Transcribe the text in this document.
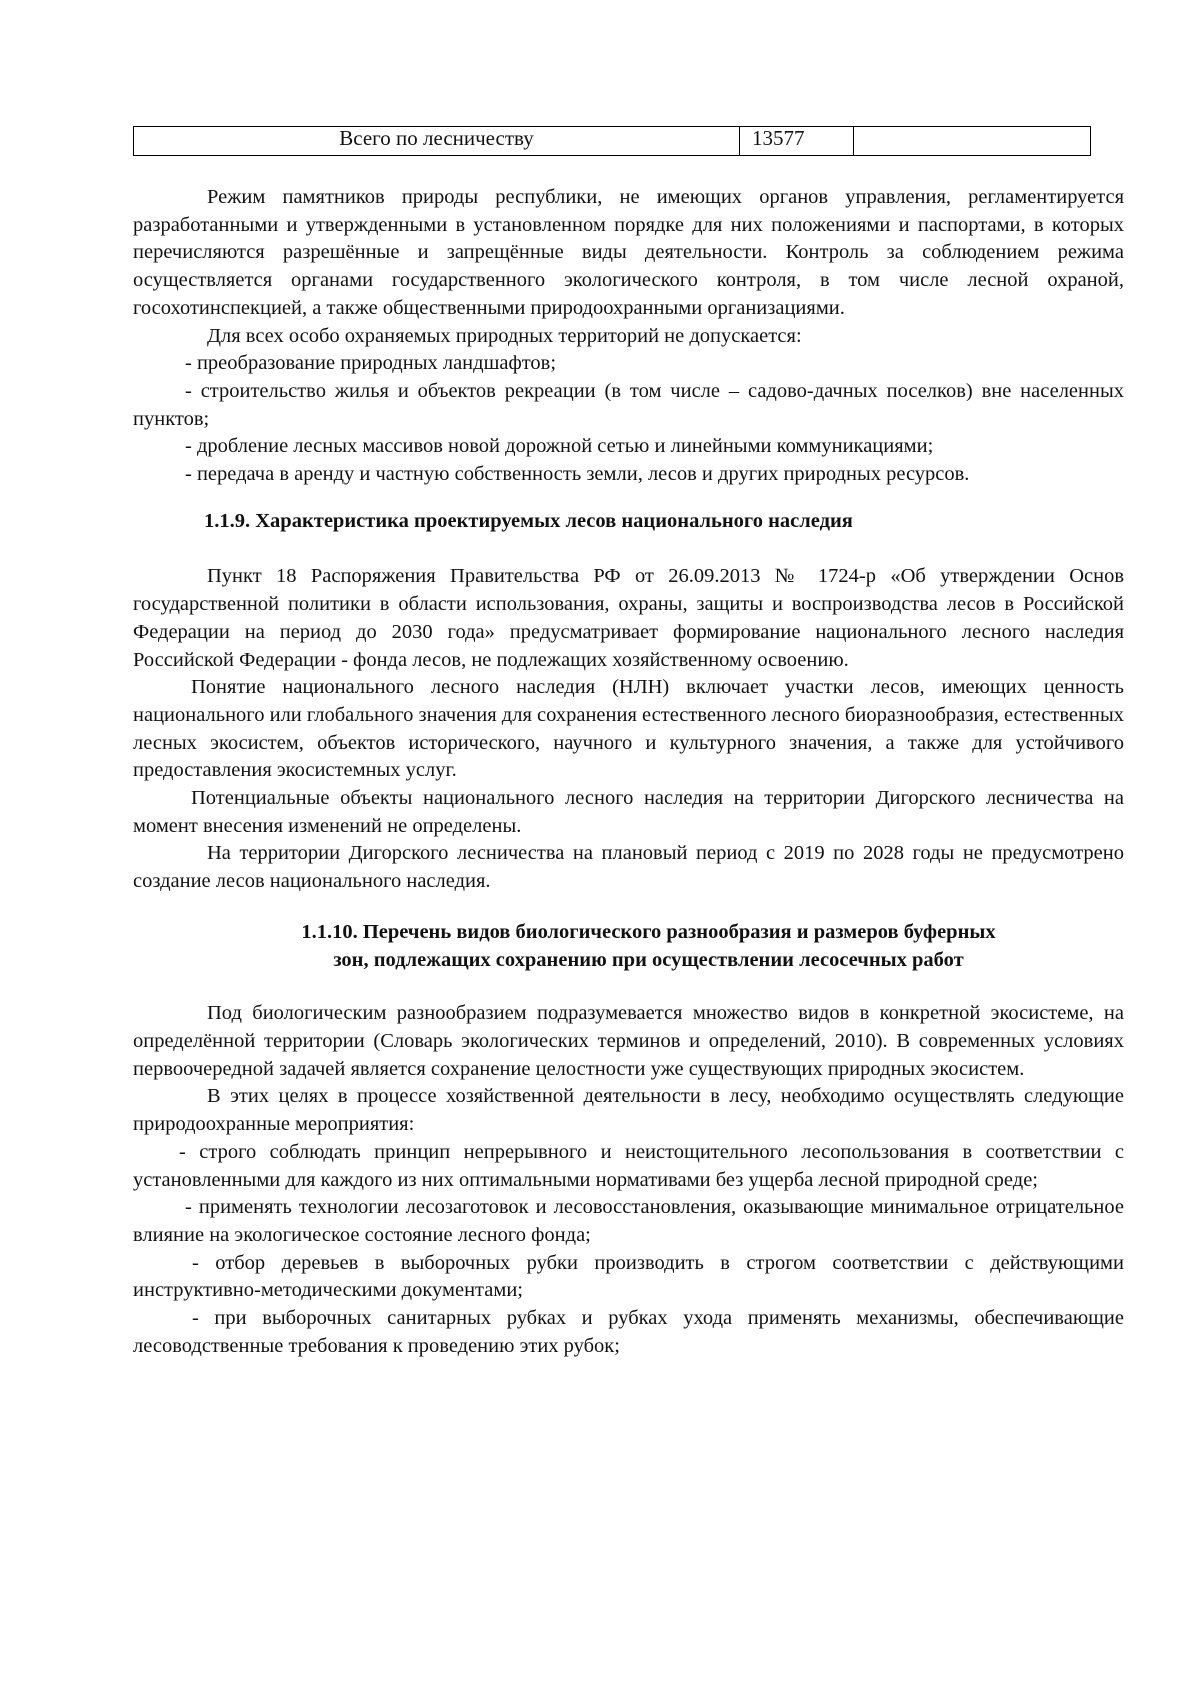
Всего по лесничеству	13577	

Режим памятников природы республики, не имеющих органов управления, регламентируется разработанными и утвержденными в установленном порядке для них положениями и паспортами, в которых перечисляются разрешённые и запрещённые виды деятельности. Контроль за соблюдением режима осуществляется органами государственного экологического контроля, в том числе лесной охраной, госохотинспекцией, а также общественными природоохранными организациями.

Для всех особо охраняемых природных территорий не допускается:

- преобразование природных ландшафтов;

- строительство жилья и объектов рекреации (в том числе – садово-дачных поселков) вне населенных пунктов;

- дробление лесных массивов новой дорожной сетью и линейными коммуникациями;

- передача в аренду и частную собственность земли, лесов и других природных ресурсов.

1.1.9. Характеристика проектируемых лесов национального наследия

Пункт 18 Распоряжения Правительства РФ от 26.09.2013 № 1724-р «Об утверждении Основ государственной политики в области использования, охраны, защиты и воспроизводства лесов в Российской Федерации на период до 2030 года» предусматривает формирование национального лесного наследия Российской Федерации - фонда лесов, не подлежащих хозяйственному освоению.

Понятие национального лесного наследия (НЛН) включает участки лесов, имеющих ценность национального или глобального значения для сохранения естественного лесного биоразнообразия, естественных лесных экосистем, объектов исторического, научного и культурного значения, а также для устойчивого предоставления экосистемных услуг.

Потенциальные объекты национального лесного наследия на территории Дигорского лесничества на момент внесения изменений не определены.

На территории Дигорского лесничества на плановый период с 2019 по 2028 годы не предусмотрено создание лесов национального наследия.

1.1.10. Перечень видов биологического разнообразия и размеров буферных
зон, подлежащих сохранению при осуществлении лесосечных работ

Под биологическим разнообразием подразумевается множество видов в конкретной экосистеме, на определённой территории (Словарь экологических терминов и определений, 2010). В современных условиях первоочередной задачей является сохранение целостности уже существующих природных экосистем.

В этих целях в процессе хозяйственной деятельности в лесу, необходимо осуществлять следующие природоохранные мероприятия:

- строго соблюдать принцип непрерывного и неистощительного лесопользования в соответствии с установленными для каждого из них оптимальными нормативами без ущерба лесной природной среде;

- применять технологии лесозаготовок и лесовосстановления, оказывающие минимальное отрицательное влияние на экологическое состояние лесного фонда;

- отбор деревьев в выборочных рубки производить в строгом соответствии с действующими инструктивно-методическими документами;

- при выборочных санитарных рубках и рубках ухода применять механизмы, обеспечивающие лесоводственные требования к проведению этих рубок;
